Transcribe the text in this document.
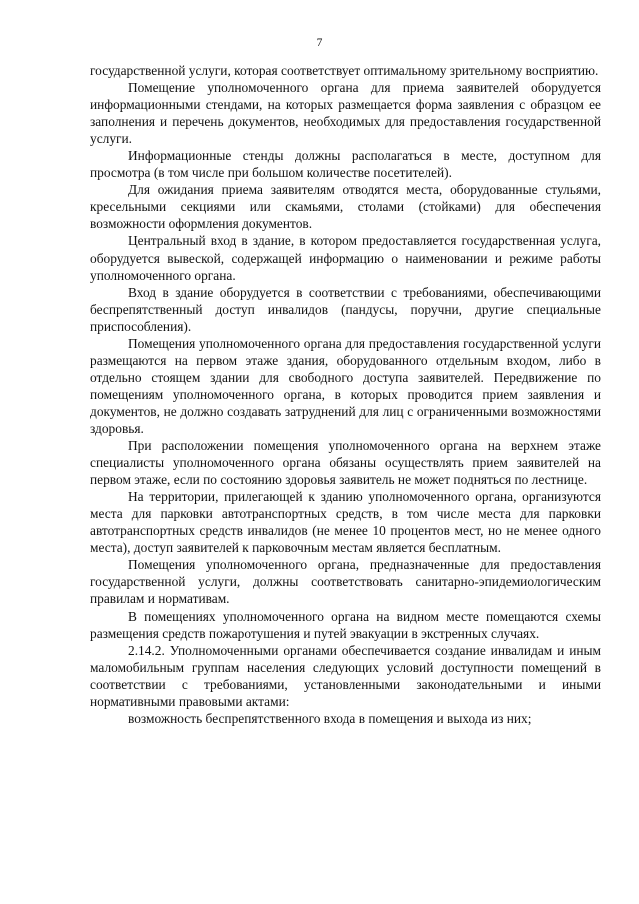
7

государственной услуги, которая соответствует оптимальному зрительному восприятию.

Помещение уполномоченного органа для приема заявителей оборудуется информационными стендами, на которых размещается форма заявления с образцом ее заполнения и перечень документов, необходимых для предоставления государственной услуги.

Информационные стенды должны располагаться в месте, доступном для просмотра (в том числе при большом количестве посетителей).

Для ожидания приема заявителям отводятся места, оборудованные стульями, кресельными секциями или скамьями, столами (стойками) для обеспечения возможности оформления документов.

Центральный вход в здание, в котором предоставляется государственная услуга, оборудуется вывеской, содержащей информацию о наименовании и режиме работы уполномоченного органа.

Вход в здание оборудуется в соответствии с требованиями, обеспечивающими беспрепятственный доступ инвалидов (пандусы, поручни, другие специальные приспособления).

Помещения уполномоченного органа для предоставления государственной услуги размещаются на первом этаже здания, оборудованного отдельным входом, либо в отдельно стоящем здании для свободного доступа заявителей. Передвижение по помещениям уполномоченного органа, в которых проводится прием заявления и документов, не должно создавать затруднений для лиц с ограниченными возможностями здоровья.

При расположении помещения уполномоченного органа на верхнем этаже специалисты уполномоченного органа обязаны осуществлять прием заявителей на первом этаже, если по состоянию здоровья заявитель не может подняться по лестнице.

На территории, прилегающей к зданию уполномоченного органа, организуются места для парковки автотранспортных средств, в том числе места для парковки автотранспортных средств инвалидов (не менее 10 процентов мест, но не менее одного места), доступ заявителей к парковочным местам является бесплатным.

Помещения уполномоченного органа, предназначенные для предоставления государственной услуги, должны соответствовать санитарно-эпидемиологическим правилам и нормативам.

В помещениях уполномоченного органа на видном месте помещаются схемы размещения средств пожаротушения и путей эвакуации в экстренных случаях.

2.14.2. Уполномоченными органами обеспечивается создание инвалидам и иным маломобильным группам населения следующих условий доступности помещений в соответствии с требованиями, установленными законодательными и иными нормативными правовыми актами:

возможность беспрепятственного входа в помещения и выхода из них;
